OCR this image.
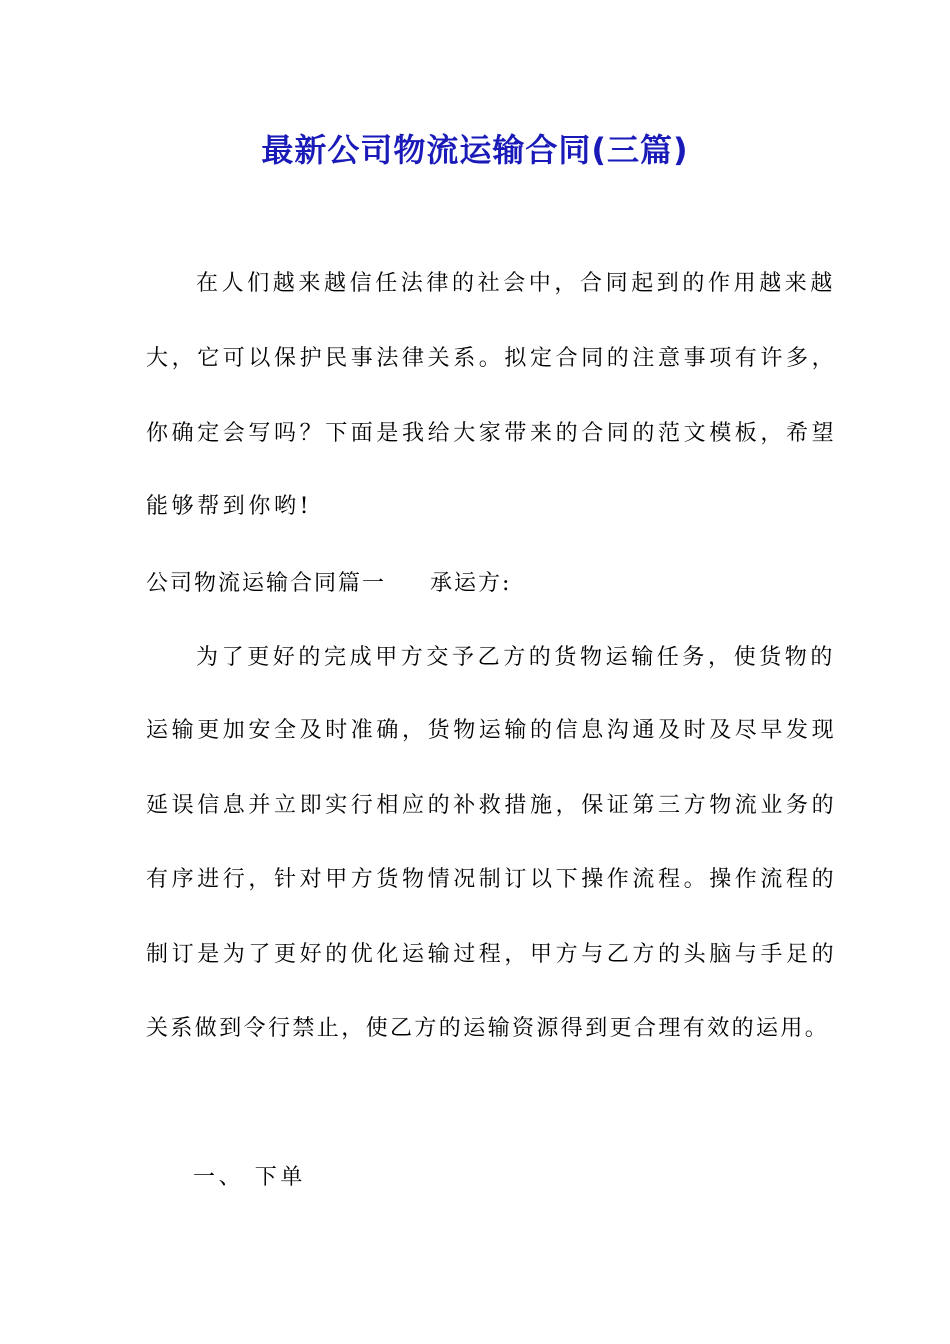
最新公司物流运输合同(三篇)
在人们越来越信任法律的社会中，合同起到的作用越来越
大，它可以保护民事法律关系。拟定合同的注意事项有许多，
你确定会写吗？下面是我给大家带来的合同的范文模板，希望
能够帮到你哟!
公司物流运输合同篇一 承运方:
为了更好的完成甲方交予乙方的货物运输任务，使货物的
运输更加安全及时准确，货物运输的信息沟通及时及尽早发现
延误信息并立即实行相应的补救措施，保证第三方物流业务的
有序进行，针对甲方货物情况制订以下操作流程。操作流程的
制订是为了更好的优化运输过程，甲方与乙方的头脑与手足的
关系做到令行禁止，使乙方的运输资源得到更合理有效的运用。
一、 下单
